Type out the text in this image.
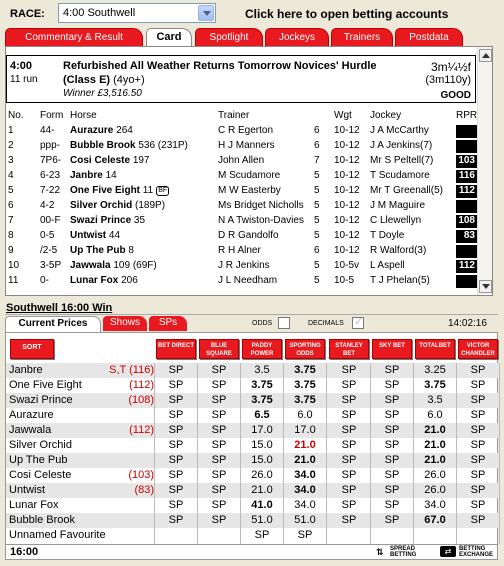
RACE: 4:00 Southwell	Click here to open betting accounts
Commentary & Result	Card	Spotlight	Jockeys	Trainers	Postdata
4:00
11 run
Refurbished All Weather Returns Tomorrow Novices' Hurdle
(Class E) (4yo+)
Winner £3,516.50
3m¼½f
(3m110y)
GOOD
No. Form Horse	Trainer	Wgt Jockey	RPR
1	44- Aurazure 264	C R Egerton	6 10-12 J A McCarthy
2	ppp- Bubble Brook 536 (231P)	H J Manners	6 10-12 J A Jenkins(7)
3	7P6- Cosi Celeste 197	John Allen	7 10-12 Mr S Peltell(7) 103
4	6-23 Janbre 14	M Scudamore	5 10-12 T Scudamore	116
5	7-22 One Five Eight 11 BF	M W Easterby	5 10-12 Mr T Greenall(5) 112
6	4-2 Silver Orchid (189P)	Ms Bridget Nicholls 5 10-12 J M Maguire
7	00-F Swazi Prince 35	N A Twiston-Davies 5 10-12 C Llewellyn	108
8	0-5 Untwist 44	D R Gandolfo	5 10-12 T Doyle	83
9	/2-5 Up The Pub 8	R H Alner	6 10-12 R Walford(3)
10 3-5P Jawwala 109 (69F)	J R Jenkins	5 10-5v L Aspell	112
11 0- Lunar Fox 206	J L Needham	5 10-5 T J Phelan(5)
Southwell 16:00 Win
Current Prices	Shows	SPs	ODDS	DECIMALS
✓	14:02:16
SORT	BET DIRECT	BLUE SQUARE
PADDY POWER
SPORTING ODDS
STANLEY BET
SKY BET	TOTALBET	VICTOR CHANDLER
Janbre	S,T (116)	SP	SP	3.5	3.75	SP	SP	3.25	SP
One Five Eight	(112)	SP	SP	3.75	3.75	SP	SP	3.75	SP
Swazi Prince	(108)	SP	SP	3.75	3.75	SP	SP	3.5	SP
Aurazure	SP	SP	6.5	6.0	SP	SP	6.0	SP
Jawwala	(112)	SP	SP	17.0	17.0	SP	SP	21.0	SP
Silver Orchid	SP	SP	15.0	21.0	SP	SP	21.0	SP
Up The Pub	SP	SP	15.0	21.0	SP	SP	21.0	SP
Cosi Celeste	(103)	SP	SP	26.0	34.0	SP	SP	26.0	SP
Untwist	(83)	SP	SP	21.0	34.0	SP	SP	26.0	SP
Lunar Fox	SP	SP	41.0	34.0	SP	SP	34.0	SP
Bubble Brook	SP	SP	51.0	51.0	SP	SP	67.0	SP
Unnamed Favourite	SP	SP
16:00	⇅ SPREAD BETTING	⇄	BETTING EXCHANGE
